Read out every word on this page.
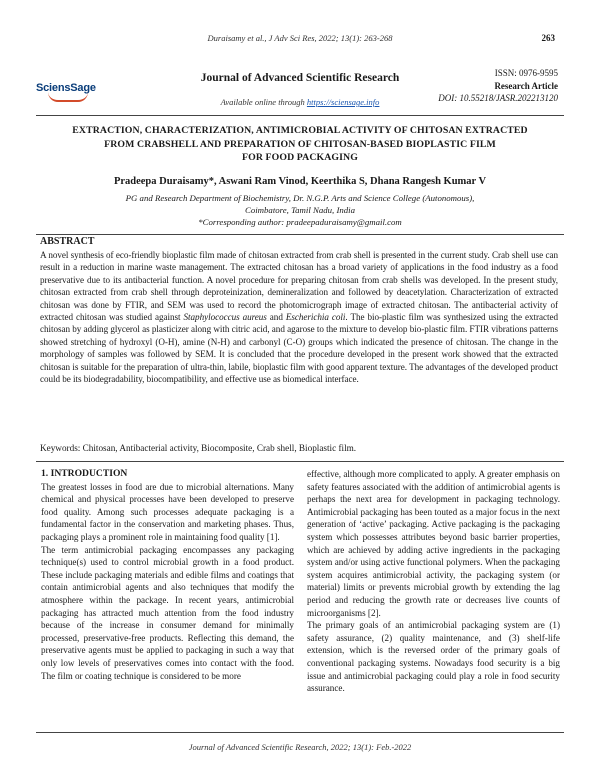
Duraisamy et al., J Adv Sci Res, 2022; 13(1): 263-268	263
SciensSage
Journal of Advanced Scientific Research
Available online through https://sciensage.info
ISSN: 0976-9595
Research Article
DOI: 10.55218/JASR.202213120
EXTRACTION, CHARACTERIZATION, ANTIMICROBIAL ACTIVITY OF CHITOSAN EXTRACTED
FROM CRABSHELL AND PREPARATION OF CHITOSAN-BASED BIOPLASTIC FILM
FOR FOOD PACKAGING
Pradeepa Duraisamy*, Aswani Ram Vinod, Keerthika S, Dhana Rangesh Kumar V
PG and Research Department of Biochemistry, Dr. N.G.P. Arts and Science College (Autonomous),
Coimbatore, Tamil Nadu, India
*Corresponding author: pradeepaduraisamy@gmail.com
ABSTRACT
A novel synthesis of eco-friendly bioplastic film made of chitosan extracted from crab shell is presented in the current study. Crab shell use can result in a reduction in marine waste management. The extracted chitosan has a broad variety of applications in the food industry as a food preservative due to its antibacterial function. A novel procedure for preparing chitosan from crab shells was developed. In the present study, chitosan extracted from crab shell through deproteinization, demineralization and followed by deacetylation. Characterization of extracted chitosan was done by FTIR, and SEM was used to record the photomicrograph image of extracted chitosan. The antibacterial activity of extracted chitosan was studied against Staphylococcus aureus and Escherichia coli. The bio-plastic film was synthesized using the extracted chitosan by adding glycerol as plasticizer along with citric acid, and agarose to the mixture to develop bio-plastic film. FTIR vibrations patterns showed stretching of hydroxyl (O-H), amine (N-H) and carbonyl (C-O) groups which indicated the presence of chitosan. The change in the morphology of samples was followed by SEM. It is concluded that the procedure developed in the present work showed that the extracted chitosan is suitable for the preparation of ultra-thin, labile, bioplastic film with good apparent texture. The advantages of the developed product could be its biodegradability, biocompatibility, and effective use as biomedical interface.
Keywords: Chitosan, Antibacterial activity, Biocomposite, Crab shell, Bioplastic film.

1. INTRODUCTION

The greatest losses in food are due to microbial alternations. Many chemical and physical processes have been developed to preserve food quality. Among such processes adequate packaging is a fundamental factor in the conservation and marketing phases. Thus, packaging plays a prominent role in maintaining food quality [1].

The term antimicrobial packaging encompasses any packaging technique(s) used to control microbial growth in a food product. These include packaging materials and edible films and coatings that contain antimicrobial agents and also techniques that modify the atmosphere within the package. In recent years, antimicrobial packaging has attracted much attention from the food industry because of the increase in consumer demand for minimally processed, preservative-free products. Reflecting this demand, the preservative agents must be applied to packaging in such a way that only low levels of preservatives comes into contact with the food. The film or coating technique is considered to be more

effective, although more complicated to apply. A greater emphasis on safety features associated with the addition of antimicrobial agents is perhaps the next area for development in packaging technology. Antimicrobial packaging has been touted as a major focus in the next generation of ‘active’ packaging. Active packaging is the packaging system which possesses attributes beyond basic barrier properties, which are achieved by adding active ingredients in the packaging system and/or using active functional polymers. When the packaging system acquires antimicrobial activity, the packaging system (or material) limits or prevents microbial growth by extending the lag period and reducing the growth rate or decreases live counts of microorganisms [2].

The primary goals of an antimicrobial packaging system are (1) safety assurance, (2) quality maintenance, and (3) shelf-life extension, which is the reversed order of the primary goals of conventional packaging systems. Nowadays food security is a big issue and antimicrobial packaging could play a role in food security assurance.

Journal of Advanced Scientific Research, 2022; 13(1): Feb.-2022
